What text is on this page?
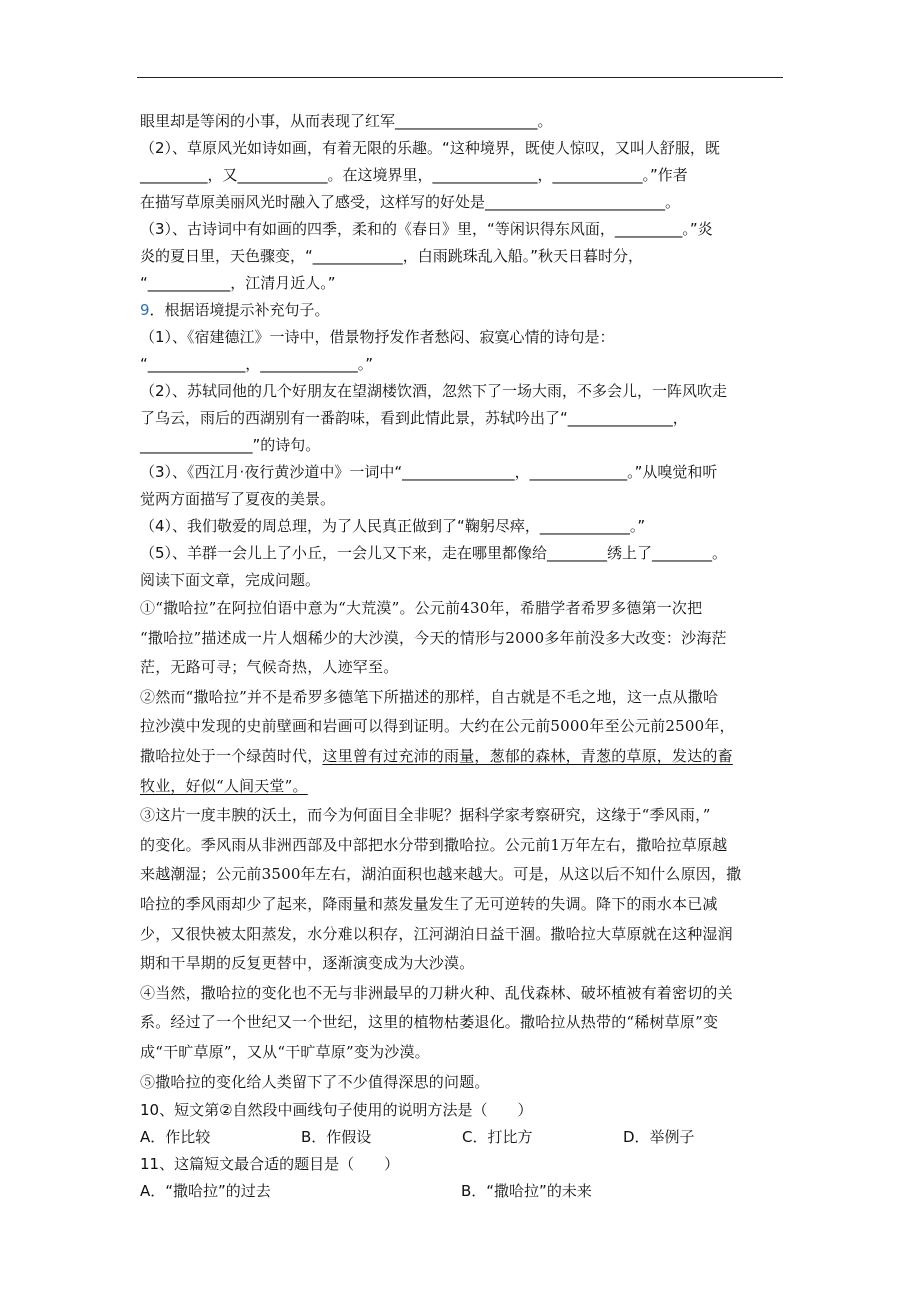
眼里却是等闲的小事，从而表现了红军___________________。
（2）、草原风光如诗如画，有着无限的乐趣。“这种境界，既使人惊叹，又叫人舒服，既
_________，又____________。在这境界里，______________，____________。”作者
在描写草原美丽风光时融入了感受，这样写的好处是________________________。
（3）、古诗词中有如画的四季，柔和的《春日》里，“等闲识得东风面，_________。”炎
炎的夏日里，天色骤变，“____________，白雨跳珠乱入船。”秋天日暮时分，
“___________，江清月近人。”
9．根据语境提示补充句子。
（1）、《宿建德江》一诗中，借景物抒发作者愁闷、寂寞心情的诗句是：
“_____________，_____________。”
（2）、苏轼同他的几个好朋友在望湖楼饮酒，忽然下了一场大雨，不多会儿，一阵风吹走
了乌云，雨后的西湖别有一番韵味，看到此情此景，苏轼吟出了“______________，
_______________”的诗句。
（3）、《西江月·夜行黄沙道中》一词中“_______________，_____________。”从嗅觉和听
觉两方面描写了夏夜的美景。
（4）、我们敬爱的周总理，为了人民真正做到了“鞠躬尽瘁，____________。”
（5）、羊群一会儿上了小丘，一会儿又下来，走在哪里都像给________绣上了________。
阅读下面文章，完成问题。
①“撒哈拉”在阿拉伯语中意为“大荒漠”。公元前430年，希腊学者希罗多德第一次把
“撒哈拉”描述成一片人烟稀少的大沙漠，今天的情形与2000多年前没多大改变：沙海茫
茫，无路可寻；气候奇热，人迹罕至。
②然而“撒哈拉”并不是希罗多德笔下所描述的那样，自古就是不毛之地，这一点从撒哈
拉沙漠中发现的史前壁画和岩画可以得到证明。大约在公元前5000年至公元前2500年，
撒哈拉处于一个绿茵时代，这里曾有过充沛的雨量，葱郁的森林，青葱的草原，发达的畜
牧业，好似“人间天堂”。
③这片一度丰腴的沃土，而今为何面目全非呢？据科学家考察研究，这缘于“季风雨，”
的变化。季风雨从非洲西部及中部把水分带到撒哈拉。公元前1万年左右，撒哈拉草原越
来越潮湿；公元前3500年左右，湖泊面积也越来越大。可是，从这以后不知什么原因，撒
哈拉的季风雨却少了起来，降雨量和蒸发量发生了无可逆转的失调。降下的雨水本已减
少，又很快被太阳蒸发，水分难以积存，江河湖泊日益干涸。撒哈拉大草原就在这种湿润
期和干旱期的反复更替中，逐渐演变成为大沙漠。
④当然，撒哈拉的变化也不无与非洲最早的刀耕火种、乱伐森林、破坏植被有着密切的关
系。经过了一个世纪又一个世纪，这里的植物枯萎退化。撒哈拉从热带的“稀树草原”变
成“干旷草原”，又从“干旷草原”变为沙漠。
⑤撒哈拉的变化给人类留下了不少值得深思的问题。
10、短文第②自然段中画线句子使用的说明方法是（　　）
A．作比较	B．作假设	C．打比方	D．举例子
11、这篇短文最合适的题目是（　　）
A．“撒哈拉”的过去	B．“撒哈拉”的未来
